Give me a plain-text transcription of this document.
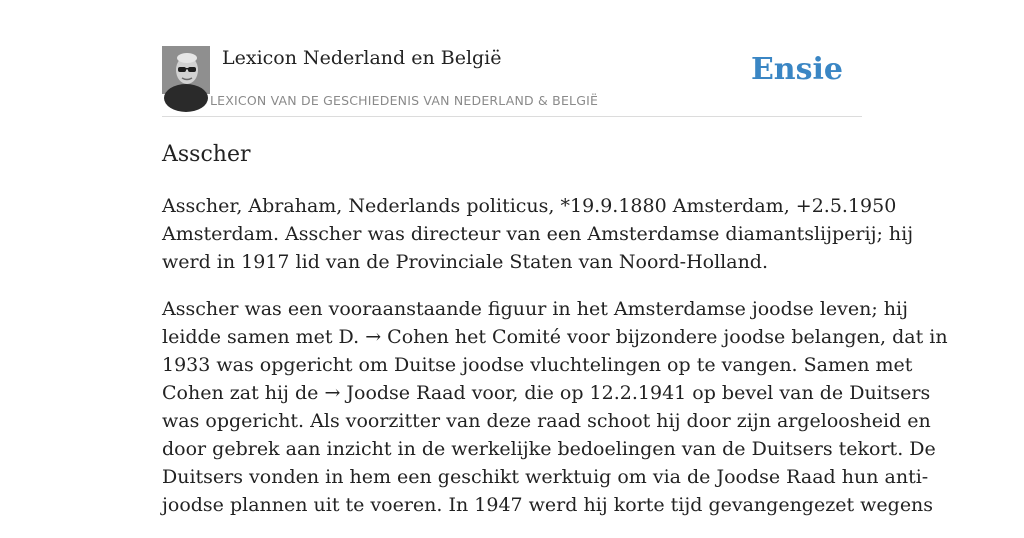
Lexicon Nederland en België
LEXICON VAN DE GESCHIEDENIS VAN NEDERLAND & BELGIË
Ensie
Asscher

Asscher, Abraham, Nederlands politicus, *19.9.1880 Amsterdam, +2.5.1950
Amsterdam. Asscher was directeur van een Amsterdamse diamantslijperij; hij
werd in 1917 lid van de Provinciale Staten van Noord-Holland.

Asscher was een vooraanstaande figuur in het Amsterdamse joodse leven; hij
leidde samen met D. → Cohen het Comité voor bijzondere joodse belangen, dat in
1933 was opgericht om Duitse joodse vluchtelingen op te vangen. Samen met
Cohen zat hij de → Joodse Raad voor, die op 12.2.1941 op bevel van de Duitsers
was opgericht. Als voorzitter van deze raad schoot hij door zijn argeloosheid en
door gebrek aan inzicht in de werkelijke bedoelingen van de Duitsers tekort. De
Duitsers vonden in hem een geschikt werktuig om via de Joodse Raad hun anti-
joodse plannen uit te voeren. In 1947 werd hij korte tijd gevangengezet wegens
